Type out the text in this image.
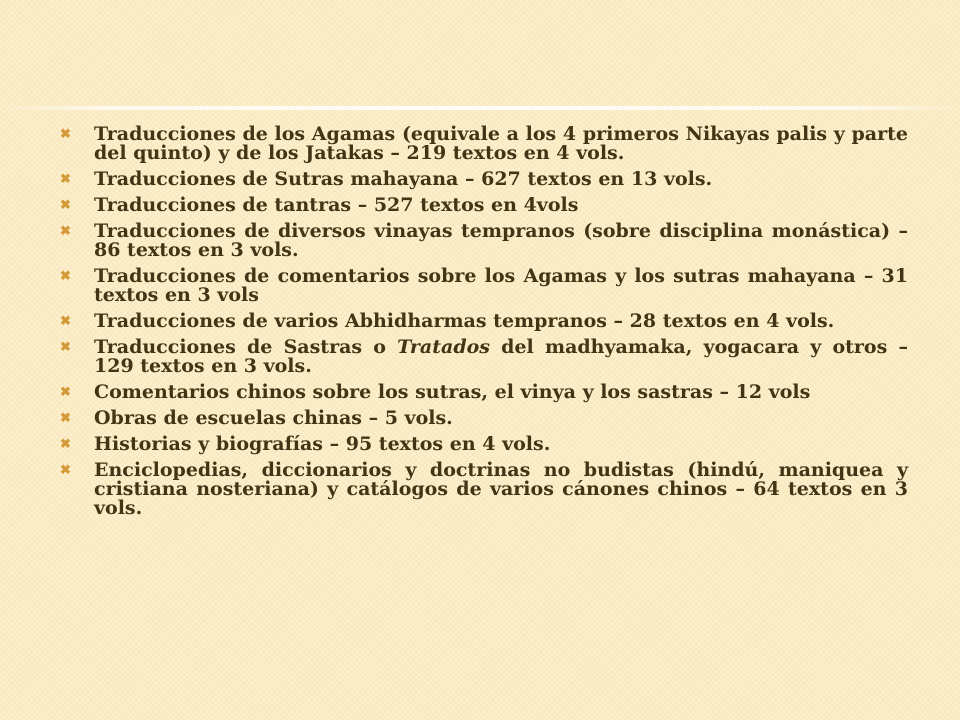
✖ Traducciones de los Agamas (equivale a los 4 primeros Nikayas palis y parte del quinto) y de los Jatakas – 219 textos en 4 vols.
✖ Traducciones de Sutras mahayana – 627 textos en 13 vols.
✖ Traducciones de tantras – 527 textos en 4vols
✖ Traducciones de diversos vinayas tempranos (sobre disciplina monástica) – 86 textos en 3 vols.
✖ Traducciones de comentarios sobre los Agamas y los sutras mahayana – 31 textos en 3 vols
✖ Traducciones de varios Abhidharmas tempranos – 28 textos en 4 vols.
✖ Traducciones de Sastras o Tratados del madhyamaka, yogacara y otros – 129 textos en 3 vols.
✖ Comentarios chinos sobre los sutras, el vinya y los sastras – 12 vols
✖ Obras de escuelas chinas – 5 vols.
✖ Historias y biografías – 95 textos en 4 vols.
✖ Enciclopedias, diccionarios y doctrinas no budistas (hindú, maniquea y cristiana nosteriana) y catálogos de varios cánones chinos – 64 textos en 3 vols.
